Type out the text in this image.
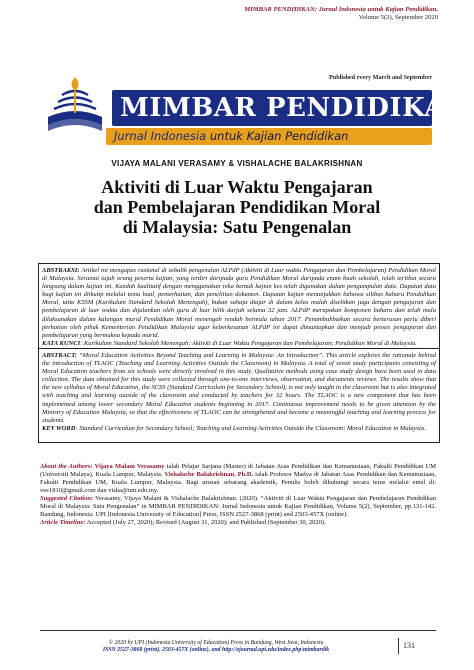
MIMBAR PENDIDIKAN: Jurnal Indonesia untuk Kajian Pendidikan,
Volume 5(2), September 2020
Published every March and September
MIMBAR PENDIDIKAN
Jurnal Indonesia untuk Kajian Pendidikan
VIJAYA MALANI VERASAMY & VISHALACHE BALAKRISHNAN
Aktiviti di Luar Waktu Pengajaran
dan Pembelajaran Pendidikan Moral
di Malaysia: Satu Pengenalan
ABSTRAKSI: Artikel ini mengupas rasional di sebalik pengenalan ALPdP (Aktiviti di Luar waktu Pengajaran dan Pembelajaran) Pendidikan Moral di Malaysia. Seramai tujuh orang peserta kajian, yang terdiri daripada guru Pendidikan Moral daripada enam buah sekolah, telah terlibat secara langsung dalam kajian ini. Kaedah kualitatif dengan menggunakan reka bentuk kajian kes telah digunakan dalam pengumpulan data. Dapatan data bagi kajian ini diikutip melalui temu bual, pemerhatian, dan penelitian dokumen. Dapatan kajian menunjukkan bahawa silibus baharu Pendidikan Moral, iaitu KSSM (Kurikulum Standard Sekolah Menengah), bukan sahaja diajar di dalam kelas malah diselitkan juga dengan pengajaran dan pembelajaran di luar waktu dan dijalankan oleh guru di luar bilik darjah selama 32 jam. ALPdP merupakan komponen baharu dan telah mula dilaksanakan dalam kalangan murid Pendidikan Moral menengah rendah bermula tahun 2017. Penambahbaikan secara berterusan perlu diberi perhatian oleh pihak Kementerian Pendidikan Malaysia agar keberkesanan ALPdP ini dapat dimantapkan dan menjadi proses pengajaran dan pembelajaran yang bermakna kepada murid.
KATA KUNCI: Kurikulum Standard Sekolah Menengah; Aktiviti di Luar Waktu Pengajaran dan Pembelajaran; Pendidikan Moral di Malaysia.
ABSTRACT: “Moral Education Activities Beyond Teaching and Learning in Malaysia: An Introduction”. This article explores the rationale behind the introduction of TLAOC (Teaching and Learning Activities Outside the Classroom) in Malaysia. A total of seven study participants consisting of Moral Education teachers from six schools were directly involved in this study. Qualitative methods using case study design have been used in data collection. The data obtained for this study were collected through one-to-one interviews, observation, and documents reviews. The results show that the new syllabus of Moral Education, the SCSS (Standard Curriculum for Secondary School), is not only taught in the classroom but is also integrated with teaching and learning outside of the classroom and conducted by teachers for 32 hours. The TLAOC is a new component that has been implemented among lower secondary Moral Education students beginning in 2017. Continuous improvement needs to be given attention by the Ministry of Education Malaysia, so that the effectiveness of TLAOC can be strengthened and become a meaningful teaching and learning process for students.
KEY WORD: Standard Curriculum for Secondary School; Teaching and Learning Activities Outside the Classroom; Moral Education in Malaysia.
About the Authors: Vijaya Malani Verasamy ialah Pelajar Sarjana (Master) di Jabatan Asas Pendidikan dan Kemanusiaan, Fakulti Pendidikan UM (Universiti Malaya), Kuala Lumpur, Malaysia. Vishalache Balakrishnan, Ph.D. ialah Profesor Madya di Jabatan Asas Pendidikan dan Kemanusiaan, Fakulti Pendidikan UM, Kuala Lumpur, Malaysia. Bagi urusan sebarang akademik, Penulis boleh dihubungi secara terus melalui emel di: vee1810@gmail.com dan visha@um.edu.my.
Suggested Citation: Verasamy, Vijaya Malani & Vishalache Balakrishnan. (2020). “Aktiviti di Luar Waktu Pengajaran dan Pembelajaran Pendidikan Moral di Malaysia: Satu Pengenalan” in MIMBAR PENDIDIKAN: Jurnal Indonesia untuk Kajian Pendidikan, Volume 5(2), September, pp.131-142. Bandung, Indonesia: UPI [Indonesia University of Education] Press, ISSN 2527-3868 (print) and 2503-457X (online).
Article Timeline: Accepted (July 27, 2020); Revised (August 31, 2020); and Published (September 30, 2020).
© 2020 by UPI (Indonesia University of Education) Press in Bandung, West Java, Indonesia
ISSN 2527-3868 (print), 2503-457X (online), and http://ejournal.upi.edu/index.php/mimbardik
131
